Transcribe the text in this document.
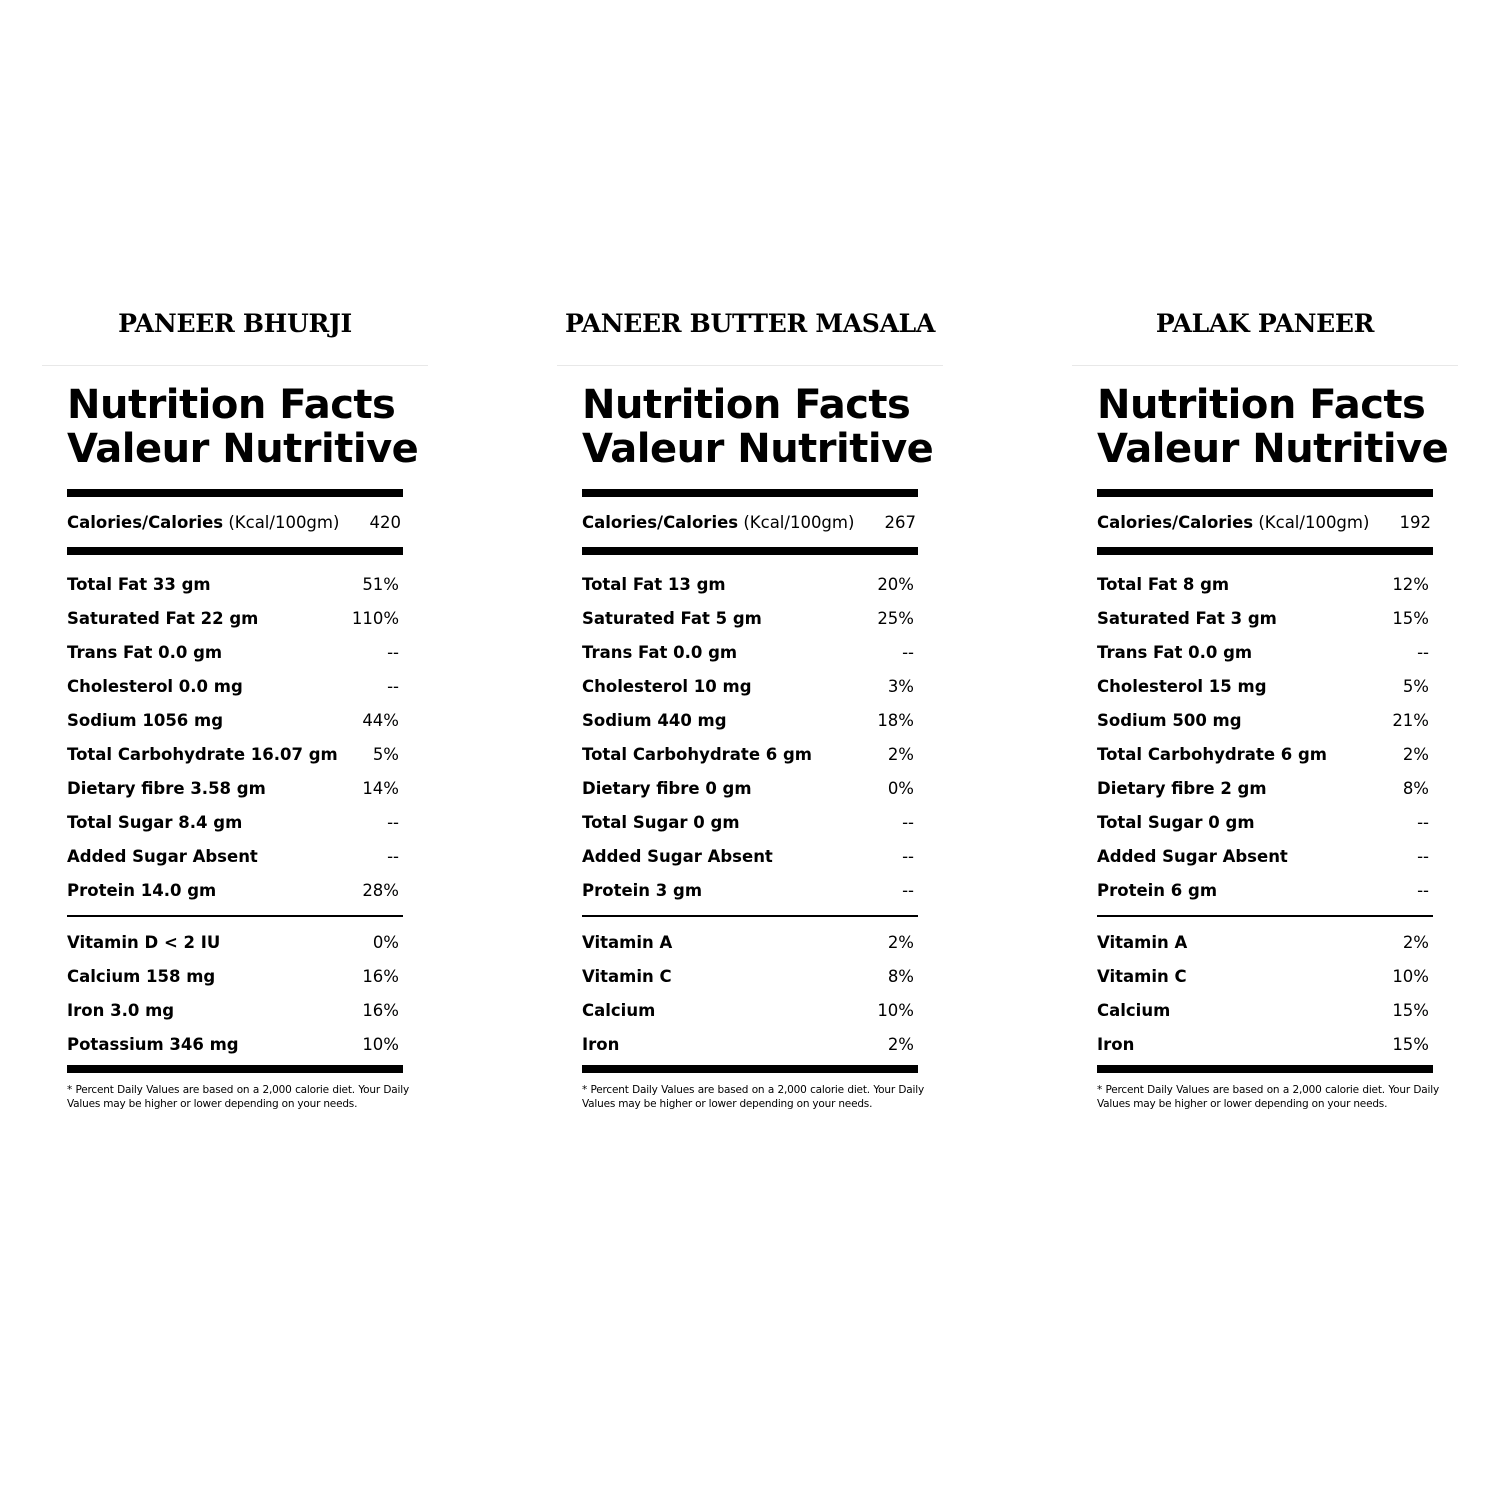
PANEER BHURJI
Nutrition Facts
Valeur Nutritive
Calories/Calories (Kcal/100gm) 420
Total Fat 33 gm	51%
Saturated Fat 22 gm	110%
Trans Fat 0.0 gm	--
Cholesterol 0.0 mg	--
Sodium 1056 mg	44%
Total Carbohydrate 16.07 gm 5%
Dietary fibre 3.58 gm	14%
Total Sugar 8.4 gm	--
Added Sugar Absent	--
Protein 14.0 gm	28%
Vitamin D < 2 IU	0%
Calcium 158 mg	16%
Iron 3.0 mg	16%
Potassium 346 mg	10%
* Percent Daily Values are based on a 2,000 calorie diet. Your Daily Values may be higher or lower depending on your needs.
PANEER BUTTER MASALA
Nutrition Facts
Valeur Nutritive
Calories/Calories (Kcal/100gm) 267
Total Fat 13 gm	20%
Saturated Fat 5 gm	25%
Trans Fat 0.0 gm	--
Cholesterol 10 mg	3%
Sodium 440 mg	18%
Total Carbohydrate 6 gm	2%
Dietary fibre 0 gm	0%
Total Sugar 0 gm	--
Added Sugar Absent	--
Protein 3 gm	--
Vitamin A	2%
Vitamin C	8%
Calcium	10%
Iron	2%
* Percent Daily Values are based on a 2,000 calorie diet. Your Daily Values may be higher or lower depending on your needs.
PALAK PANEER
Nutrition Facts
Valeur Nutritive
Calories/Calories (Kcal/100gm) 192
Total Fat 8 gm	12%
Saturated Fat 3 gm	15%
Trans Fat 0.0 gm	--
Cholesterol 15 mg	5%
Sodium 500 mg	21%
Total Carbohydrate 6 gm	2%
Dietary fibre 2 gm	8%
Total Sugar 0 gm	--
Added Sugar Absent	--
Protein 6 gm	--
Vitamin A	2%
Vitamin C	10%
Calcium	15%
Iron	15%
* Percent Daily Values are based on a 2,000 calorie diet. Your Daily Values may be higher or lower depending on your needs.
